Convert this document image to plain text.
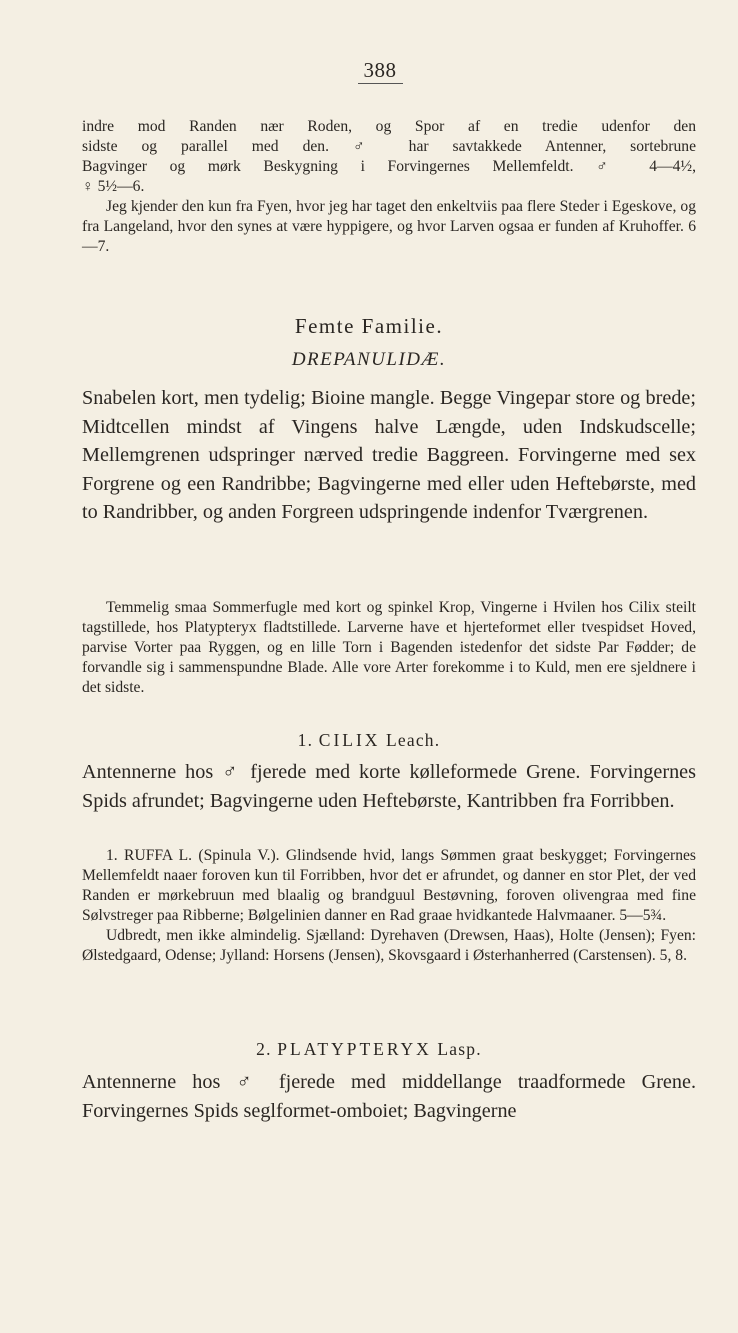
388

indre mod Randen nær Roden, og Spor af en tredie udenfor den

sidste og parallel med den. ♂ har savtakkede Antenner, sortebrune

Bagvinger og mørk Beskygning i Forvingernes Mellemfeldt. ♂ 4—4½,

♀ 5½—6.

Jeg kjender den kun fra Fyen, hvor jeg har taget den enkeltviis paa flere Steder i Egeskove, og fra Langeland, hvor den synes at være hyppigere, og hvor Larven ogsaa er funden af Kruhoffer. 6—7.

Femte Familie.
DREPANULIDÆ.
Snabelen kort, men tydelig; Bioine mangle. Begge Vingepar store og brede; Midtcellen mindst af Vingens halve Længde, uden Indskudscelle; Mellemgrenen udspringer nærved tredie Baggreen. Forvingerne med sex Forgrene og een Randribbe; Bagvingerne med eller uden Heftebørste, med to Randribber, og anden Forgreen udspringende indenfor Tværgrenen.

Temmelig smaa Sommerfugle med kort og spinkel Krop, Vingerne i Hvilen hos Cilix steilt tagstillede, hos Platypteryx fladtstillede. Larverne have et hjerteformet eller tvespidset Hoved, parvise Vorter paa Ryggen, og en lille Torn i Bagenden istedenfor det sidste Par Fødder; de forvandle sig i sammenspundne Blade. Alle vore Arter forekomme i to Kuld, men ere sjeldnere i det sidste.

1. CILIX Leach.
Antennerne hos ♂ fjerede med korte kølleformede Grene. Forvingernes Spids afrundet; Bagvingerne uden Heftebørste, Kantribben fra Forribben.

1. RUFFA L. (Spinula V.). Glindsende hvid, langs Sømmen graat beskygget; Forvingernes Mellemfeldt naaer foroven kun til Forribben, hvor det er afrundet, og danner en stor Plet, der ved Randen er mørkebruun med blaalig og brandguul Bestøvning, foroven olivengraa med fine Sølvstreger paa Ribberne; Bølgelinien danner en Rad graae hvidkantede Halvmaaner. 5—5¾.

Udbredt, men ikke almindelig. Sjælland: Dyrehaven (Drewsen, Haas), Holte (Jensen); Fyen: Ølstedgaard, Odense; Jylland: Horsens (Jensen), Skovsgaard i Østerhanherred (Carstensen). 5, 8.

2. PLATYPTERYX Lasp.
Antennerne hos ♂ fjerede med middellange traadformede Grene. Forvingernes Spids seglformet-omboiet; Bagvingerne
